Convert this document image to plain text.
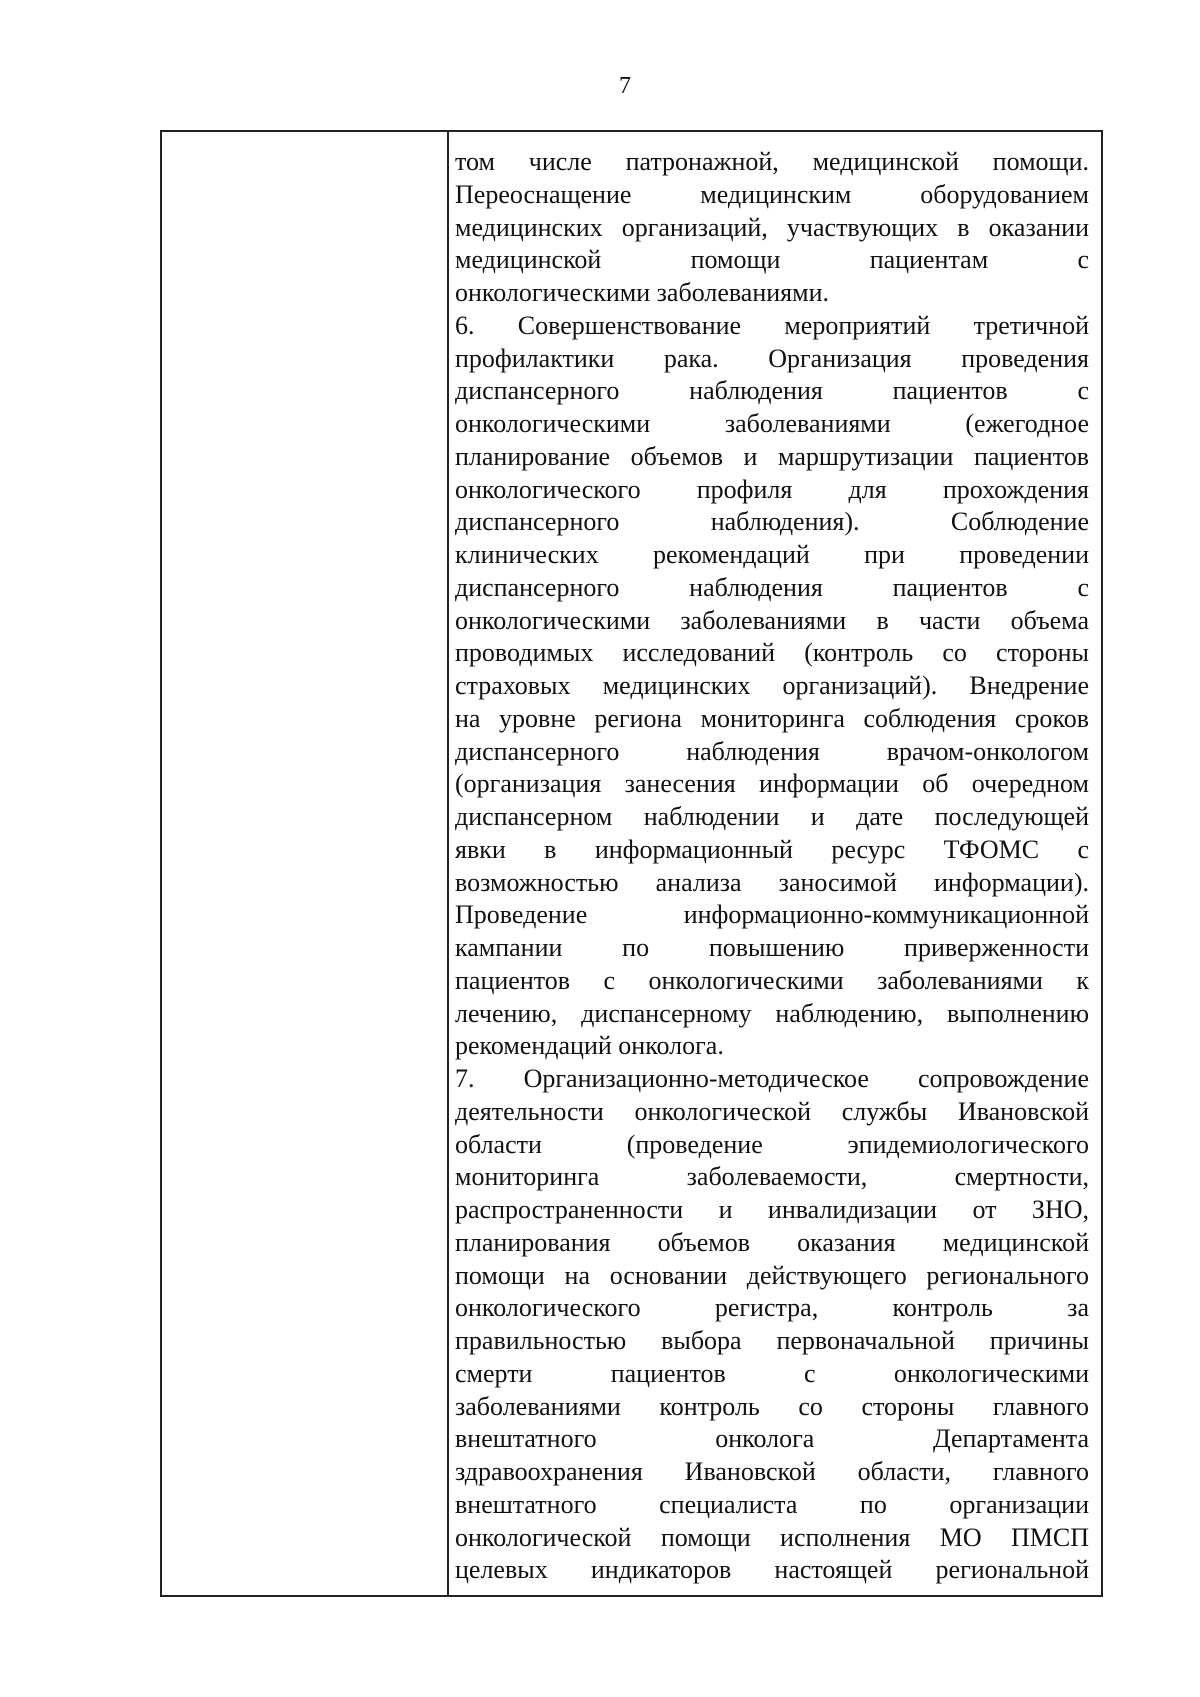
7
том числе патронажной, медицинской помощи.
Переоснащение медицинским оборудованием
медицинских организаций, участвующих в оказании
медицинской помощи пациентам с
онкологическими заболеваниями.
6. Совершенствование мероприятий третичной
профилактики рака. Организация проведения
диспансерного наблюдения пациентов с
онкологическими заболеваниями (ежегодное
планирование объемов и маршрутизации пациентов
онкологического профиля для прохождения
диспансерного наблюдения). Соблюдение
клинических рекомендаций при проведении
диспансерного наблюдения пациентов с
онкологическими заболеваниями в части объема
проводимых исследований (контроль со стороны
страховых медицинских организаций). Внедрение
на уровне региона мониторинга соблюдения сроков
диспансерного наблюдения врачом-онкологом
(организация занесения информации об очередном
диспансерном наблюдении и дате последующей
явки в информационный ресурс ТФОМС с
возможностью анализа заносимой информации).
Проведение информационно-коммуникационной
кампании по повышению приверженности
пациентов с онкологическими заболеваниями к
лечению, диспансерному наблюдению, выполнению
рекомендаций онколога.
7. Организационно-методическое сопровождение
деятельности онкологической службы Ивановской
области (проведение эпидемиологического
мониторинга заболеваемости, смертности,
распространенности и инвалидизации от ЗНО,
планирования объемов оказания медицинской
помощи на основании действующего регионального
онкологического регистра, контроль за
правильностью выбора первоначальной причины
смерти пациентов с онкологическими
заболеваниями контроль со стороны главного
внештатного онколога Департамента
здравоохранения Ивановской области, главного
внештатного специалиста по организации
онкологической помощи исполнения МО ПМСП
целевых индикаторов настоящей региональной
